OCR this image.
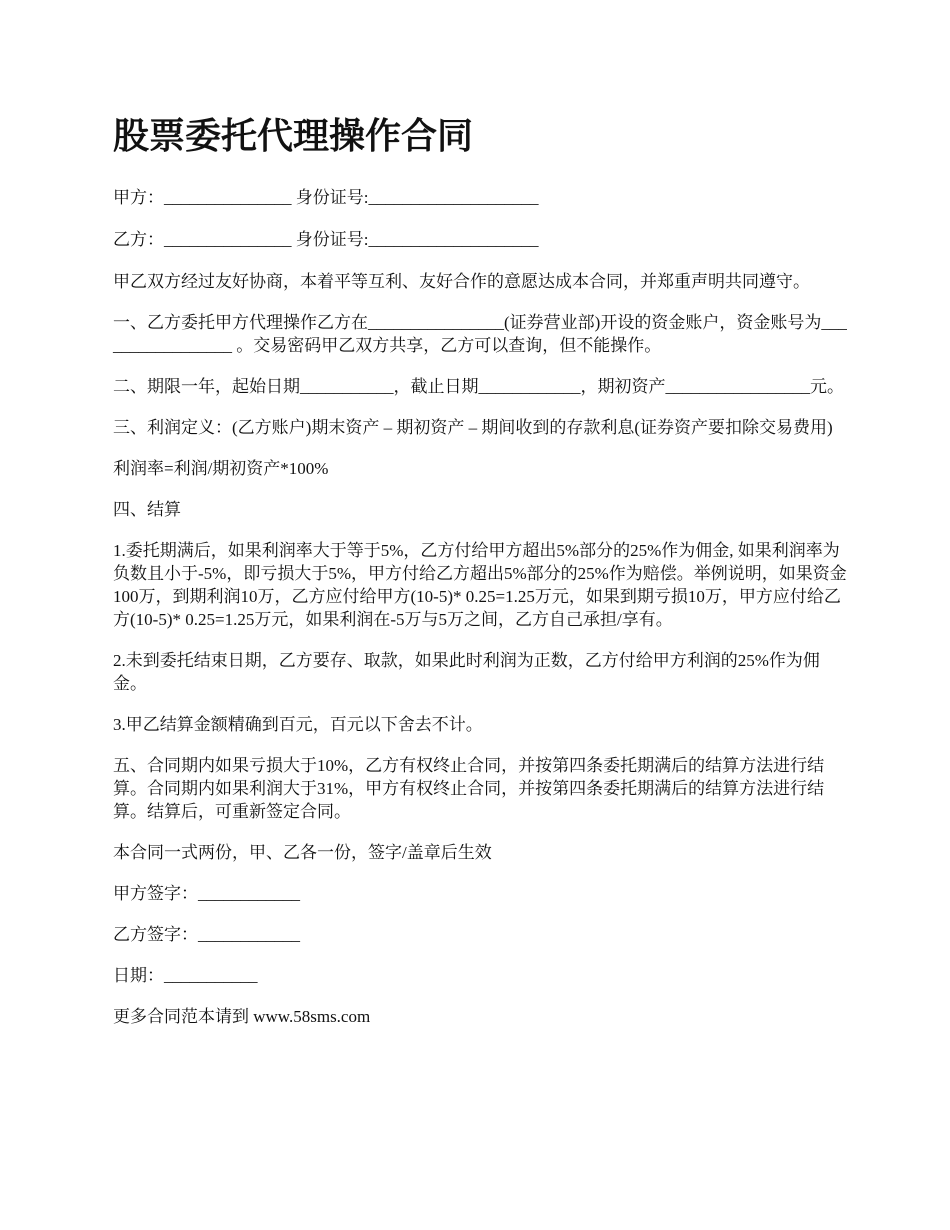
股票委托代理操作合同

甲方：_______________ 身份证号:____________________

乙方：_______________ 身份证号:____________________

甲乙双方经过友好协商，本着平等互利、友好合作的意愿达成本合同，并郑重声明共同遵守。

一、乙方委托甲方代理操作乙方在________________(证券营业部)开设的资金账户，资金账号为_________________ 。交易密码甲乙双方共享，乙方可以查询，但不能操作。

二、期限一年，起始日期___________，截止日期____________，期初资产_________________元。

三、利润定义：(乙方账户)期末资产 – 期初资产 – 期间收到的存款利息(证券资产要扣除交易费用)

利润率=利润/期初资产*100%

四、结算

1.委托期满后，如果利润率大于等于5%，乙方付给甲方超出5%部分的25%作为佣金, 如果利润率为负数且小于-5%，即亏损大于5%，甲方付给乙方超出5%部分的25%作为赔偿。举例说明，如果资金100万，到期利润10万，乙方应付给甲方(10-5)* 0.25=1.25万元，如果到期亏损10万，甲方应付给乙方(10-5)* 0.25=1.25万元，如果利润在-5万与5万之间，乙方自己承担/享有。

2.未到委托结束日期，乙方要存、取款，如果此时利润为正数，乙方付给甲方利润的25%作为佣金。

3.甲乙结算金额精确到百元，百元以下舍去不计。

五、合同期内如果亏损大于10%，乙方有权终止合同，并按第四条委托期满后的结算方法进行结算。合同期内如果利润大于31%，甲方有权终止合同，并按第四条委托期满后的结算方法进行结算。结算后，可重新签定合同。

本合同一式两份，甲、乙各一份，签字/盖章后生效

甲方签字：____________

乙方签字：____________

日期：___________

更多合同范本请到 www.58sms.com
